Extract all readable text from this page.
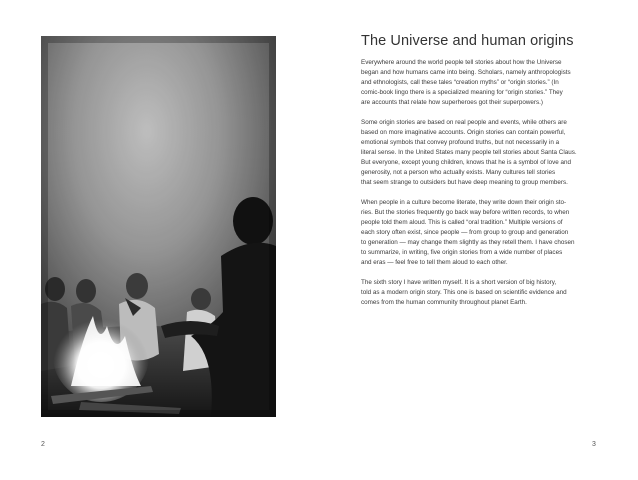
The Universe and human origins

Everywhere around the world people tell stories about how the Universe
began and how humans came into being. Scholars, namely anthropologists
and ethnologists, call these tales “creation myths” or “origin stories.” (In
comic-book lingo there is a specialized meaning for “origin stories.” They
are accounts that relate how superheroes got their superpowers.)

Some origin stories are based on real people and events, while others are
based on more imaginative accounts. Origin stories can contain powerful,
emotional symbols that convey profound truths, but not necessarily in a
literal sense. In the United States many people tell stories about Santa Claus.
But everyone, except young children, knows that he is a symbol of love and
generosity, not a person who actually exists. Many cultures tell stories
that seem strange to outsiders but have deep meaning to group members.

When people in a culture become literate, they write down their origin sto-
ries. But the stories frequently go back way before written records, to when
people told them aloud. This is called “oral tradition.” Multiple versions of
each story often exist, since people — from group to group and generation
to generation — may change them slightly as they retell them. I have chosen
to summarize, in writing, five origin stories from a wide number of places
and eras — feel free to tell them aloud to each other.

The sixth story I have written myself. It is a short version of big history,
told as a modern origin story. This one is based on scientific evidence and
comes from the human community throughout planet Earth.

2	3
